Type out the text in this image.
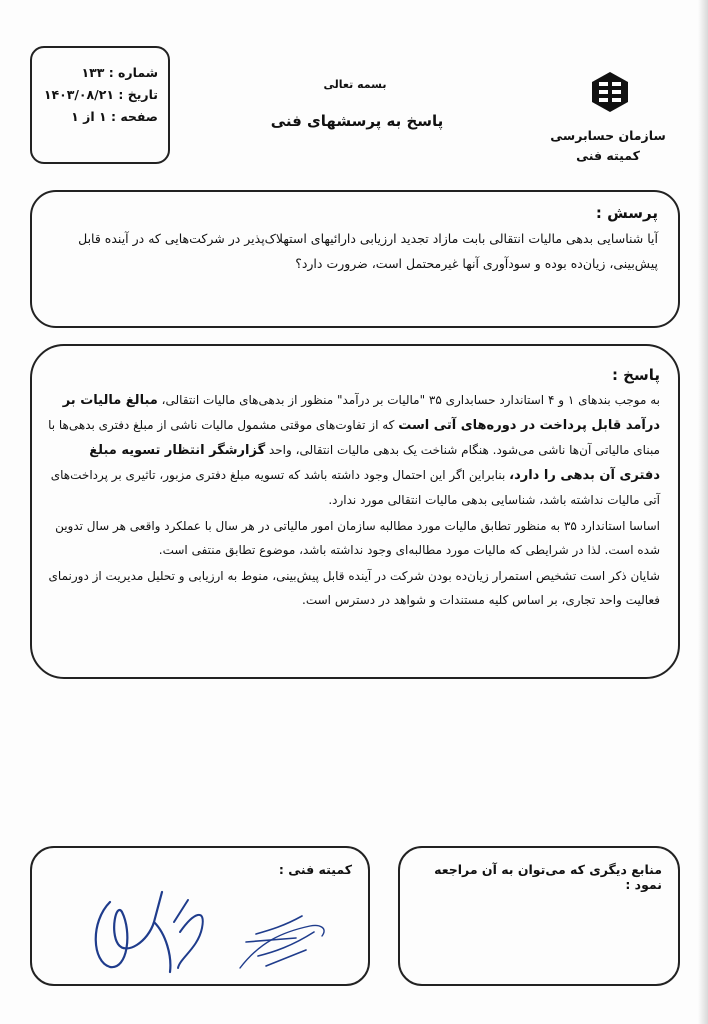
شماره : ۱۳۳
تاریخ : ۱۴۰۳/۰۸/۲۱
صفحه : ۱ از ۱
بسمه تعالی
پاسخ به پرسشهای فنی
سازمان حسابرسی
کمیته فنی
پرسش :
آیا شناسایی بدهی مالیات انتقالی بابت مازاد تجدید ارزیابی دارائیهای استهلاک‌پذیر در شرکت‌هایی که در آینده قابل پیش‌بینی، زیان‌ده بوده و سودآوری آنها غیرمحتمل است، ضرورت دارد؟
پاسخ :
به موجب بندهای ۱ و ۴ استاندارد حسابداری ۳۵ "مالیات بر درآمد" منظور از بدهی‌های مالیات انتقالی، مبالغ مالیات بر درآمد قابل پرداخت در دوره‌های آتی است که از تفاوت‌های موقتی مشمول مالیات ناشی از مبلغ دفتری بدهی‌ها با مبنای مالیاتی آن‌ها ناشی می‌شود. هنگام شناخت یک بدهی مالیات انتقالی، واحد گزارشگر انتظار تسویه مبلغ دفتری آن بدهی را دارد، بنابراین اگر این احتمال وجود داشته باشد که تسویه مبلغ دفتری مزبور، تاثیری بر پرداخت‌های آتی مالیات نداشته باشد، شناسایی بدهی مالیات انتقالی مورد ندارد.
اساسا استاندارد ۳۵ به منظور تطابق مالیات مورد مطالبه سازمان امور مالیاتی در هر سال با عملکرد واقعی هر سال تدوین شده است. لذا در شرایطی که مالیات مورد مطالبه‌ای وجود نداشته باشد، موضوع تطابق منتفی است.
شایان ذکر است تشخیص استمرار زیان‌ده بودن شرکت در آینده قابل پیش‌بینی، منوط به ارزیابی و تحلیل مدیریت از دورنمای فعالیت واحد تجاری، بر اساس کلیه مستندات و شواهد در دسترس است.
منابع دیگری که می‌توان به آن مراجعه نمود :
کمیته فنی :
